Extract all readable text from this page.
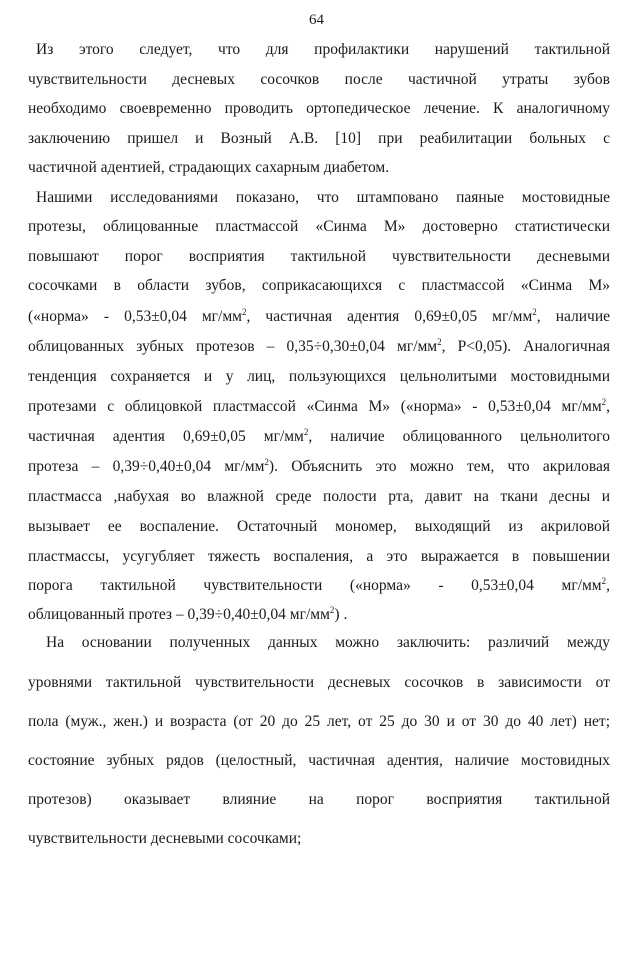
64
Из этого следует, что для профилактики нарушений тактильной
чувствительности десневых сосочков после частичной утраты зубов
необходимо своевременно проводить ортопедическое лечение. К аналогичному
заключению пришел и Возный А.В. [10] при реабилитации больных с
частичной адентией, страдающих сахарным диабетом.
Нашими исследованиями показано, что штамповано паяные мостовидные
протезы, облицованные пластмассой «Синма М» достоверно статистически
повышают порог восприятия тактильной чувствительности десневыми
сосочками в области зубов, соприкасающихся с пластмассой «Синма М»
(«норма» - 0,53±0,04 $мг/мм^2$, частичная адентия 0,69±0,05 $мг/мм^2$, наличие
облицованных зубных протезов – 0,35÷0,30±0,04 $мг/мм^2$, P<0,05). Аналогичная
тенденция сохраняется и у лиц, пользующихся цельнолитыми мостовидными
протезами с облицовкой пластмассой «Синма М» («норма» - 0,53±0,04 $мг/мм^2$,
частичная адентия 0,69±0,05 $мг/мм^2$, наличие облицованного цельнолитого
протеза – 0,39÷0,40±0,04 $мг/мм^2$). Объяснить это можно тем, что акриловая
пластмасса ,набухая во влажной среде полости рта, давит на ткани десны и
вызывает ее воспаление. Остаточный мономер, выходящий из акриловой
пластмассы, усугубляет тяжесть воспаления, а это выражается в повышении
порога тактильной чувствительности («норма» - 0,53±0,04 $мг/мм^2$,
облицованный протез – 0,39÷0,40±0,04 $мг/мм^2$) .
На основании полученных данных можно заключить: различий между
уровнями тактильной чувствительности десневых сосочков в зависимости от
пола (муж., жен.) и возраста (от 20 до 25 лет, от 25 до 30 и от 30 до 40 лет) нет;
состояние зубных рядов (целостный, частичная адентия, наличие мостовидных
протезов) оказывает влияние на порог восприятия тактильной
чувствительности десневыми сосочками;
